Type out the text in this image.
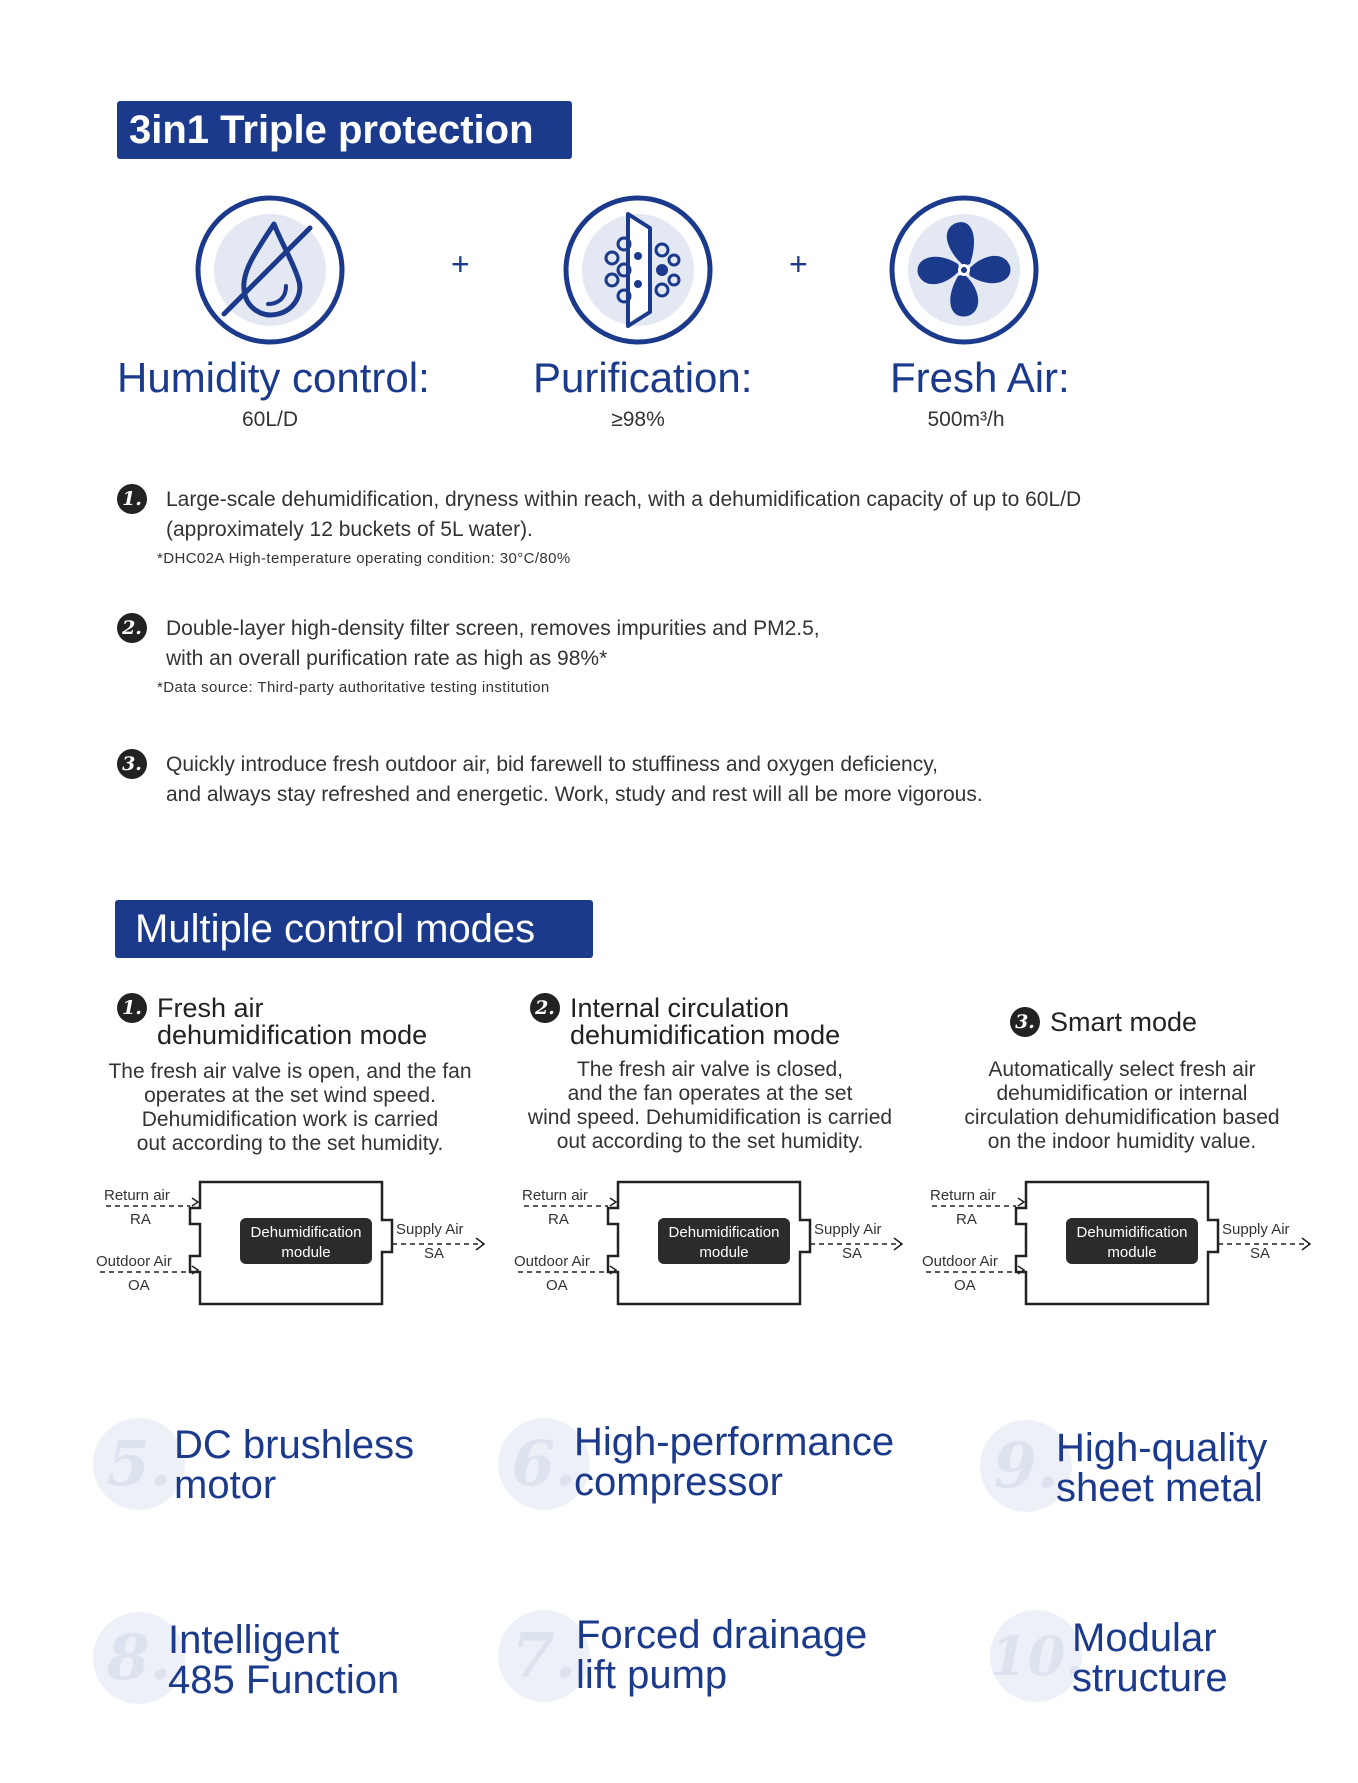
3in1 Triple protection
+	+
Humidity control:
60L/D
Purification:
≥98%
Fresh Air:
500m³/h
1. Large-scale dehumidification, dryness within reach, with a dehumidification capacity of up to 60L/D
(approximately 12 buckets of 5L water).
*DHC02A High-temperature operating condition: 30°C/80%
2. Double-layer high-density filter screen, removes impurities and PM2.5,
with an overall purification rate as high as 98%*
*Data source: Third-party authoritative testing institution
3. Quickly introduce fresh outdoor air, bid farewell to stuffiness and oxygen deficiency,
and always stay refreshed and energetic. Work, study and rest will all be more vigorous.
Multiple control modes
1. Fresh air
dehumidification mode
The fresh air valve is open, and the fan
operates at the set wind speed.
Dehumidification work is carried
out according to the set humidity.
2. Internal circulation
dehumidification mode
The fresh air valve is closed,
and the fan operates at the set
wind speed. Dehumidification is carried
out according to the set humidity.
3. Smart mode
Automatically select fresh air
dehumidification or internal
circulation dehumidification based
on the indoor humidity value.
Dehumidification
module
Return air
RA
Outdoor Air
OA
Supply Air
SA
Dehumidification
module
Return air
RA
Outdoor Air
OA
Supply Air
SA
Dehumidification
module
Return air
RA
Outdoor Air
OA
Supply Air
SA
5. DC brushless
motor	6.
High-performance
compressor	9.
High-quality
sheet metal
8.
Intelligent
485 Function 7. Forced drainage
lift pump	10.
Modular
structure
